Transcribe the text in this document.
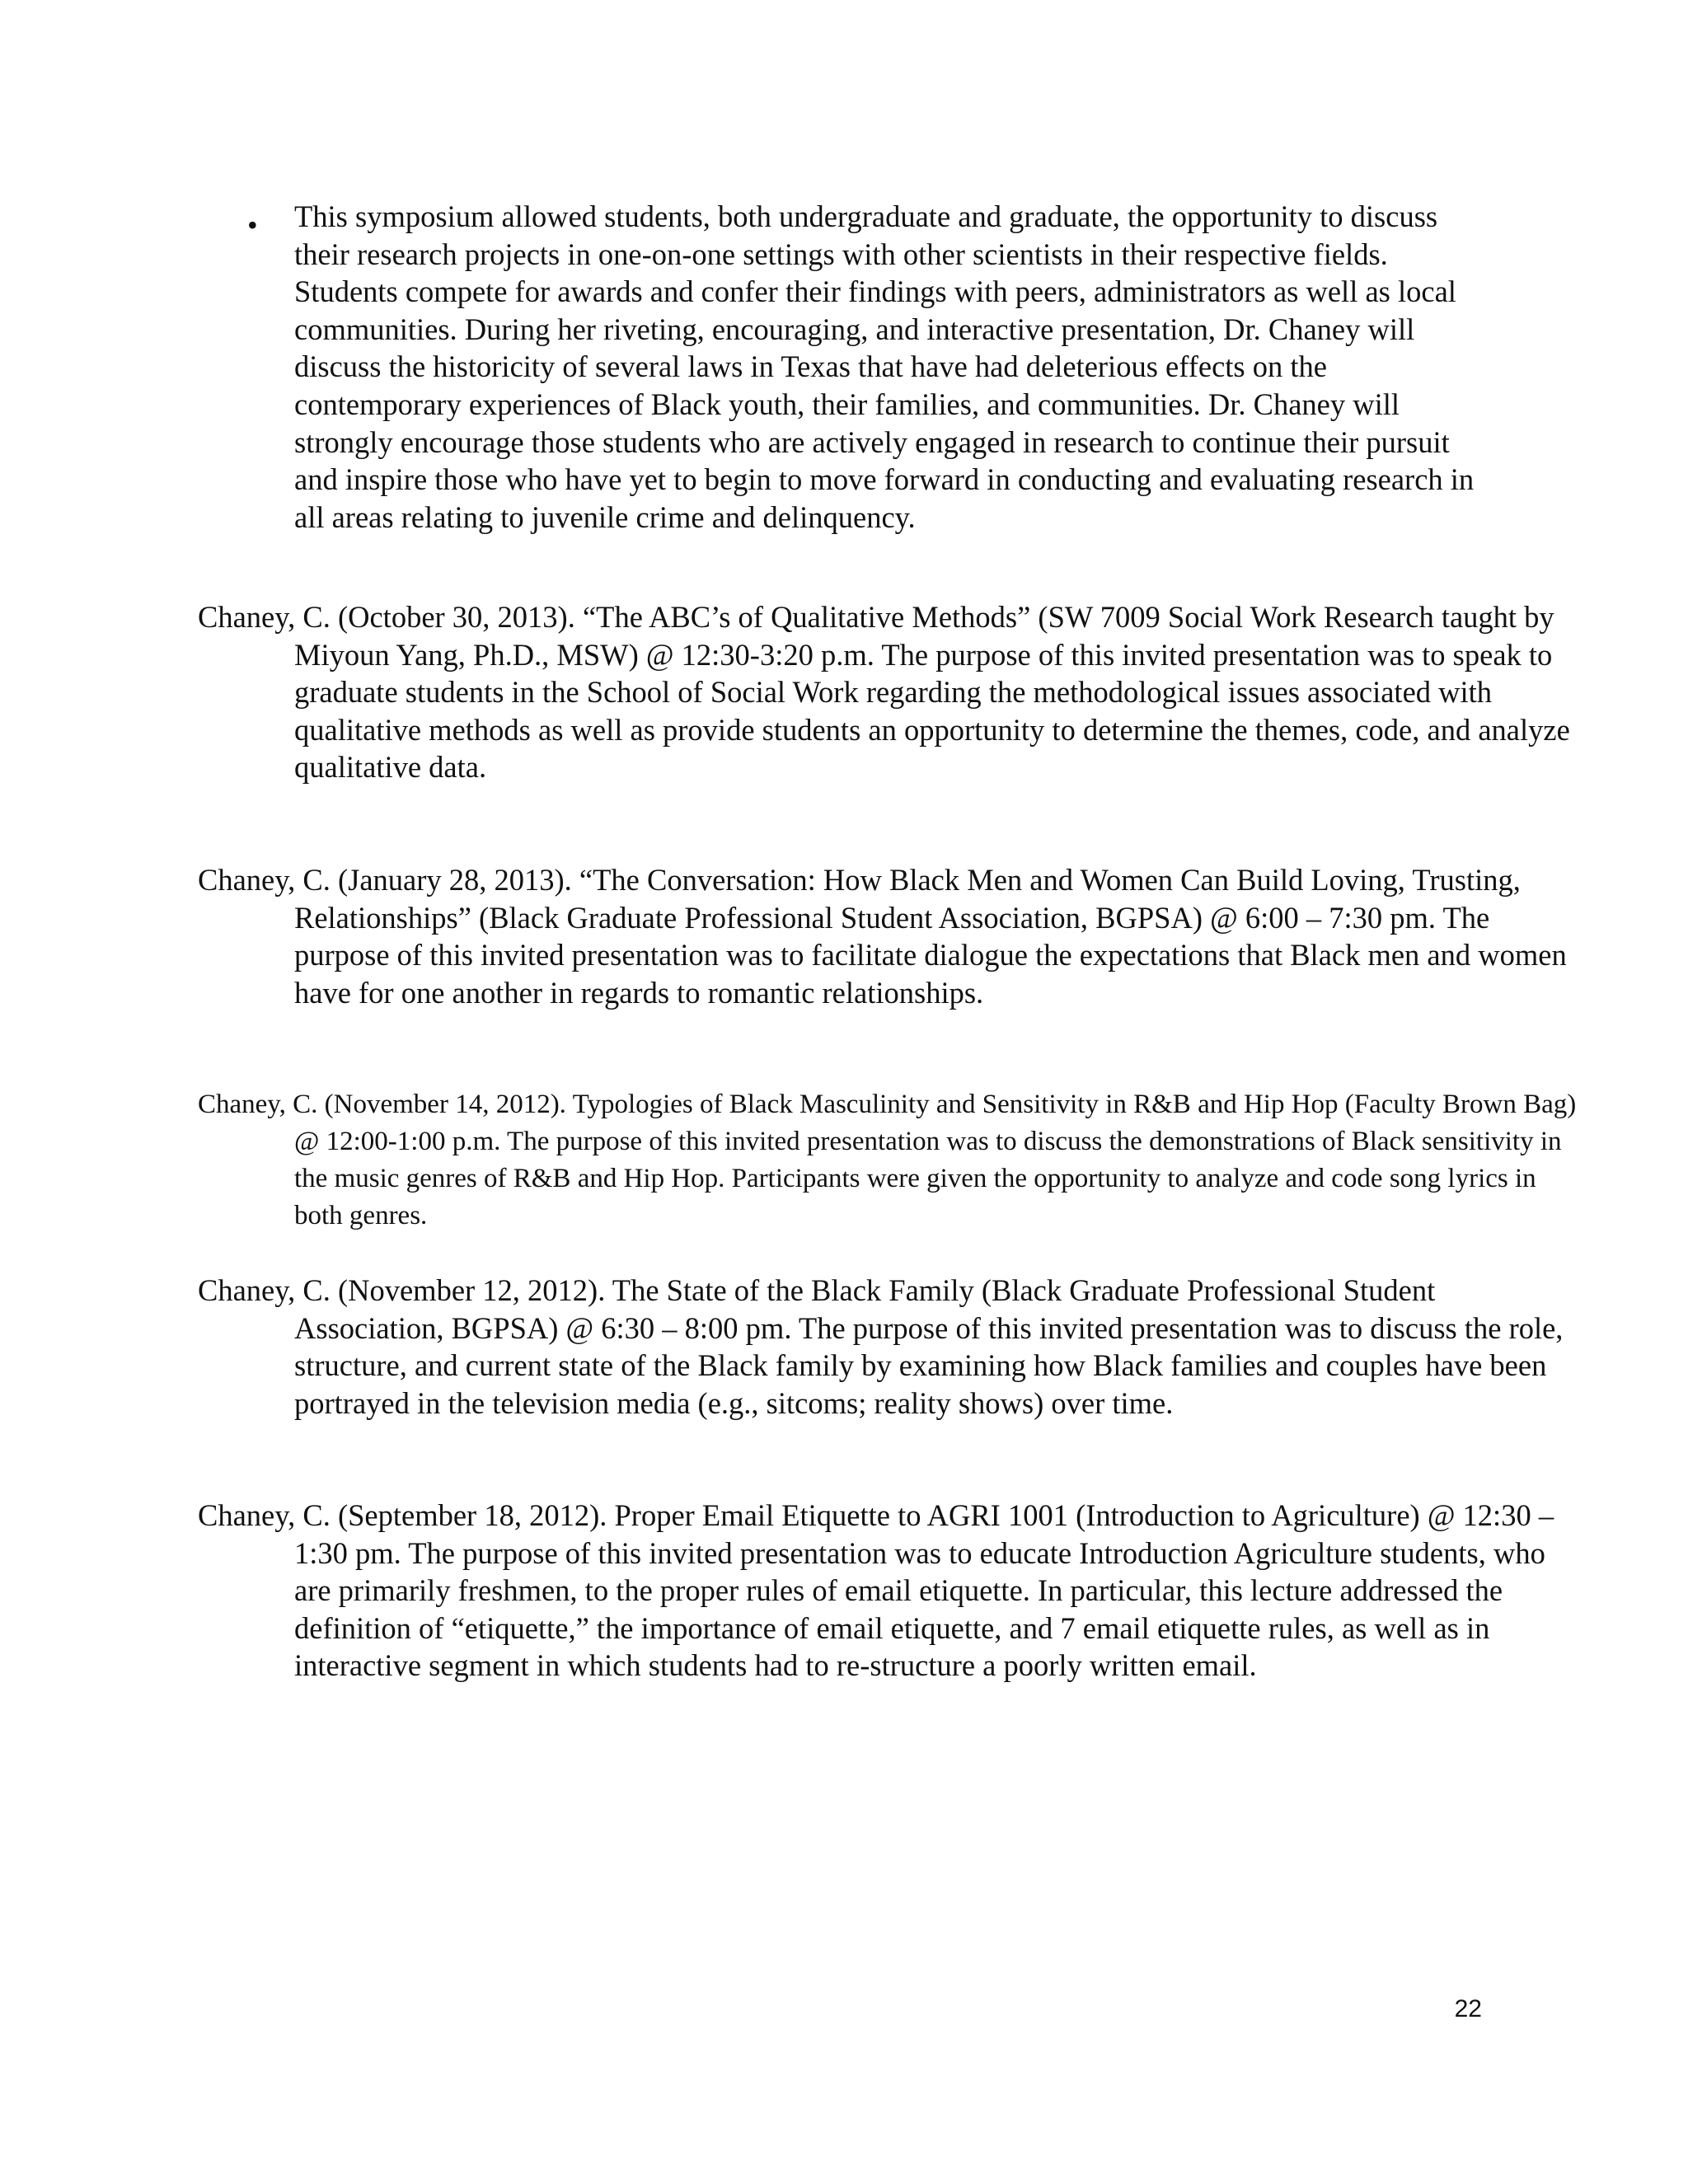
• This symposium allowed students, both undergraduate and graduate, the opportunity to discuss their research projects in one-on-one settings with other scientists in their respective fields. Students compete for awards and confer their findings with peers, administrators as well as local communities. During her riveting, encouraging, and interactive presentation, Dr. Chaney will discuss the historicity of several laws in Texas that have had deleterious effects on the contemporary experiences of Black youth, their families, and communities. Dr. Chaney will strongly encourage those students who are actively engaged in research to continue their pursuit and inspire those who have yet to begin to move forward in conducting and evaluating research in all areas relating to juvenile crime and delinquency.

Chaney, C. (October 30, 2013). “The ABC’s of Qualitative Methods” (SW 7009 Social Work Research taught by Miyoun Yang, Ph.D., MSW) @ 12:30-3:20 p.m. The purpose of this invited presentation was to speak to graduate students in the School of Social Work regarding the methodological issues associated with qualitative methods as well as provide students an opportunity to determine the themes, code, and analyze qualitative data.

Chaney, C. (January 28, 2013). “The Conversation: How Black Men and Women Can Build Loving, Trusting, Relationships” (Black Graduate Professional Student Association, BGPSA) @ 6:00 – 7:30 pm. The purpose of this invited presentation was to facilitate dialogue the expectations that Black men and women have for one another in regards to romantic relationships.

Chaney, C. (November 14, 2012). Typologies of Black Masculinity and Sensitivity in R&B and Hip Hop (Faculty Brown Bag) @ 12:00-1:00 p.m. The purpose of this invited presentation was to discuss the demonstrations of Black sensitivity in the music genres of R&B and Hip Hop. Participants were given the opportunity to analyze and code song lyrics in both genres.

Chaney, C. (November 12, 2012). The State of the Black Family (Black Graduate Professional Student Association, BGPSA) @ 6:30 – 8:00 pm. The purpose of this invited presentation was to discuss the role, structure, and current state of the Black family by examining how Black families and couples have been portrayed in the television media (e.g., sitcoms; reality shows) over time.

Chaney, C. (September 18, 2012). Proper Email Etiquette to AGRI 1001 (Introduction to Agriculture) @ 12:30 – 1:30 pm. The purpose of this invited presentation was to educate Introduction Agriculture students, who are primarily freshmen, to the proper rules of email etiquette. In particular, this lecture addressed the definition of “etiquette,” the importance of email etiquette, and 7 email etiquette rules, as well as in interactive segment in which students had to re-structure a poorly written email.

22
